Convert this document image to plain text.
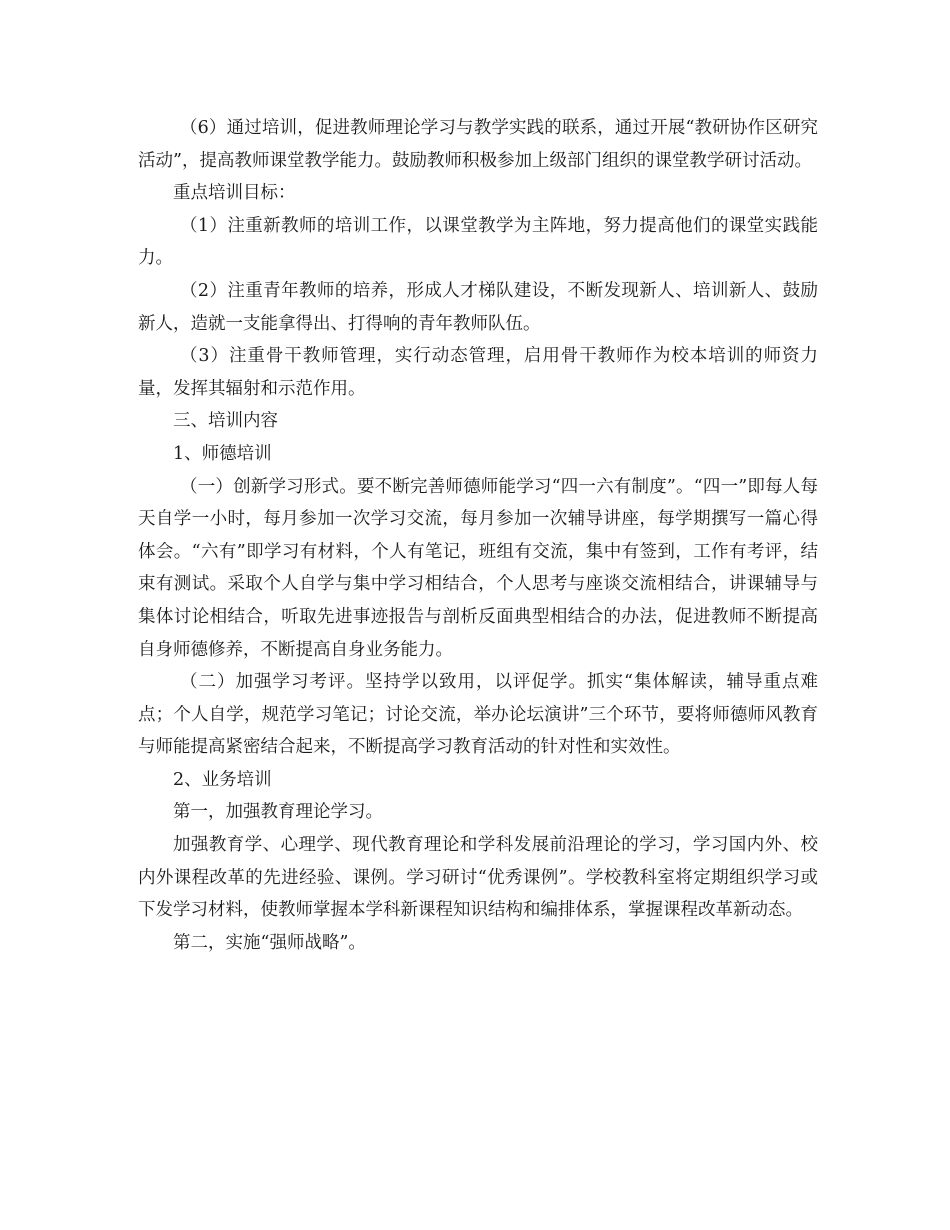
（6）通过培训，促进教师理论学习与教学实践的联系，通过开展“教研协作区研究活动”，提高教师课堂教学能力。鼓励教师积极参加上级部门组织的课堂教学研讨活动。

重点培训目标：

（1）注重新教师的培训工作，以课堂教学为主阵地，努力提高他们的课堂实践能力。

（2）注重青年教师的培养，形成人才梯队建设，不断发现新人、培训新人、鼓励新人，造就一支能拿得出、打得响的青年教师队伍。

（3）注重骨干教师管理，实行动态管理，启用骨干教师作为校本培训的师资力量，发挥其辐射和示范作用。

三、培训内容

1、师德培训

（一）创新学习形式。要不断完善师德师能学习“四一六有制度”。“四一”即每人每天自学一小时，每月参加一次学习交流，每月参加一次辅导讲座，每学期撰写一篇心得体会。“六有”即学习有材料，个人有笔记，班组有交流，集中有签到，工作有考评，结束有测试。采取个人自学与集中学习相结合，个人思考与座谈交流相结合，讲课辅导与集体讨论相结合，听取先进事迹报告与剖析反面典型相结合的办法，促进教师不断提高自身师德修养，不断提高自身业务能力。

（二）加强学习考评。坚持学以致用，以评促学。抓实“集体解读，辅导重点难点；个人自学，规范学习笔记；讨论交流，举办论坛演讲”三个环节，要将师德师风教育与师能提高紧密结合起来，不断提高学习教育活动的针对性和实效性。

2、业务培训

第一，加强教育理论学习。

加强教育学、心理学、现代教育理论和学科发展前沿理论的学习，学习国内外、校内外课程改革的先进经验、课例。学习研讨“优秀课例”。学校教科室将定期组织学习或下发学习材料，使教师掌握本学科新课程知识结构和编排体系，掌握课程改革新动态。

第二，实施“强师战略”。
